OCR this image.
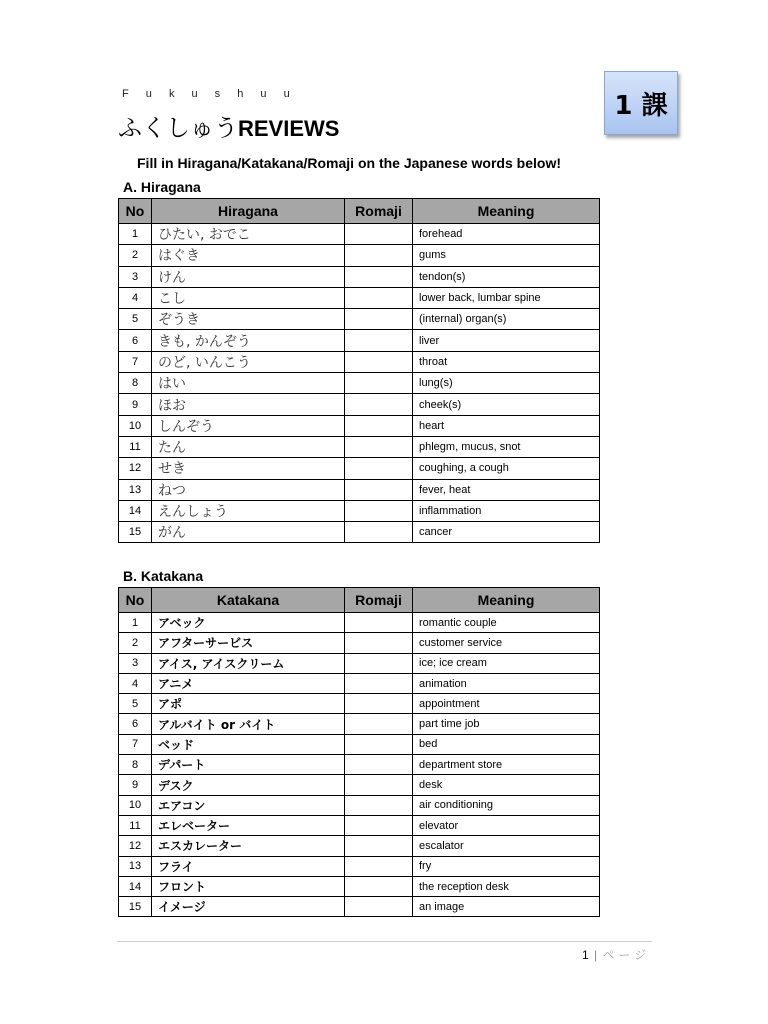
F u k u s h u u
ふくしゅうREVIEWS
1 課
Fill in Hiragana/Katakana/Romaji on the Japanese words below!
A. Hiragana
No	Hiragana	Romaji	Meaning
1	ひたい, おでこ		forehead
2	はぐき		gums
3	けん		tendon(s)
4	こし		lower back, lumbar spine
5	ぞうき		(internal) organ(s)
6	きも, かんぞう		liver
7	のど, いんこう		throat
8	はい		lung(s)
9	ほお		cheek(s)
10	しんぞう		heart
11	たん		phlegm, mucus, snot
12	せき		coughing, a cough
13	ねつ		fever, heat
14	えんしょう		inflammation
15	がん		cancer
B. Katakana
No	Katakana	Romaji	Meaning
1	アベック		romantic couple
2	アフターサービス		customer service
3	アイス, アイスクリーム		ice; ice cream
4	アニメ		animation
5	アポ		appointment
6	アルバイト or バイト		part time job
7	ベッド		bed
8	デパート		department store
9	デスク		desk
10	エアコン		air conditioning
11	エレベーター		elevator
12	エスカレーター		escalator
13	フライ		fry
14	フロント		the reception desk
15	イメージ		an image
1 | ページ
